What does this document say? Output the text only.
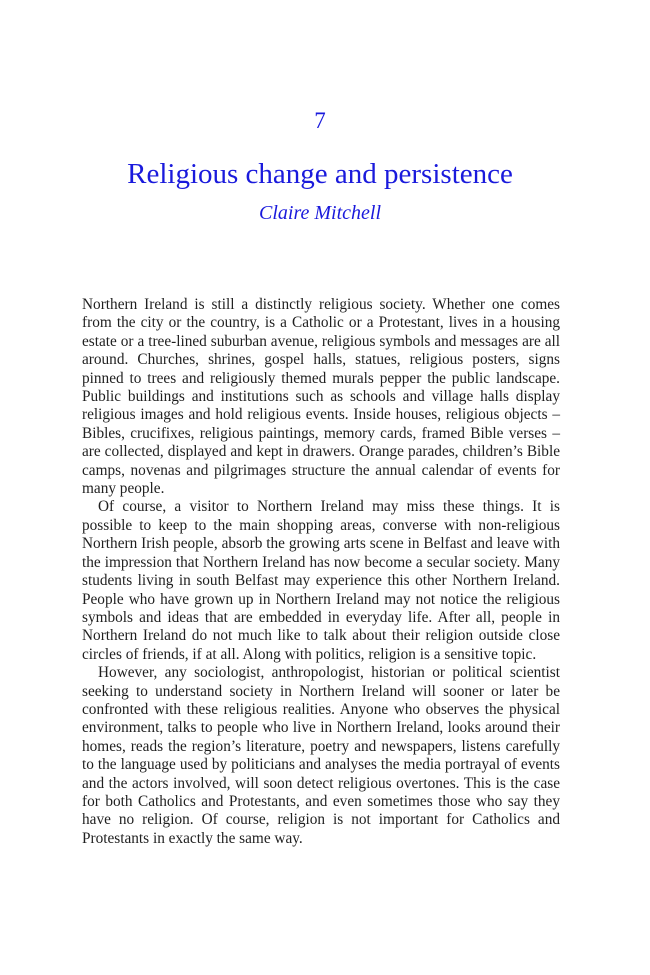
7
Religious change and persistence
Claire Mitchell

Northern Ireland is still a distinctly religious society. Whether one comes from the city or the country, is a Catholic or a Protestant, lives in a housing estate or a tree-lined suburban avenue, religious symbols and messages are all around. Churches, shrines, gospel halls, statues, religious posters, signs pinned to trees and religiously themed murals pepper the public landscape. Public buildings and institutions such as schools and village halls display religious images and hold religious events. Inside houses, religious objects – Bibles, crucifixes, religious paintings, memory cards, framed Bible verses – are collected, displayed and kept in drawers. Orange parades, children’s Bible camps, novenas and pilgrimages structure the annual calendar of events for many people.

Of course, a visitor to Northern Ireland may miss these things. It is possible to keep to the main shopping areas, converse with non-religious Northern Irish people, absorb the growing arts scene in Belfast and leave with the impression that Northern Ireland has now become a secular society. Many students living in south Belfast may experience this other Northern Ireland. People who have grown up in Northern Ireland may not notice the religious symbols and ideas that are embedded in everyday life. After all, people in Northern Ireland do not much like to talk about their religion outside close circles of friends, if at all. Along with politics, religion is a sensitive topic.

However, any sociologist, anthropologist, historian or political scientist seeking to understand society in Northern Ireland will sooner or later be confronted with these religious realities. Anyone who observes the physical environment, talks to people who live in Northern Ireland, looks around their homes, reads the region’s literature, poetry and newspapers, listens carefully to the language used by politicians and analyses the media portrayal of events and the actors involved, will soon detect religious overtones. This is the case for both Catholics and Protestants, and even sometimes those who say they have no religion. Of course, religion is not important for Catholics and Protestants in exactly the same way.
